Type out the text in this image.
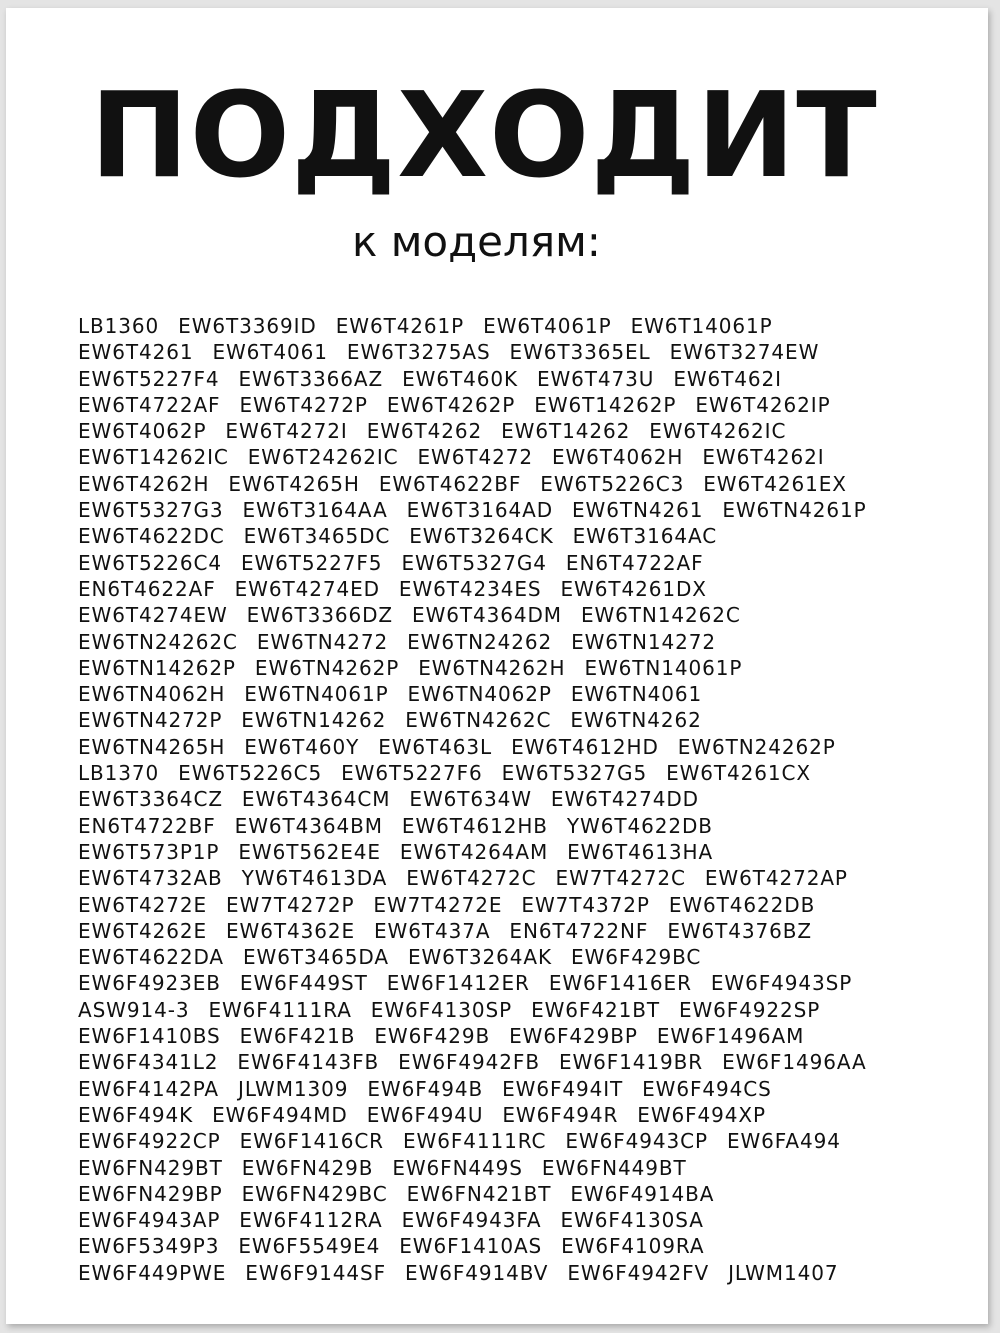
ПОДХОДИТ
к моделям:
LB1360 EW6T3369ID EW6T4261P EW6T4061P EW6T14061P
EW6T4261 EW6T4061 EW6T3275AS EW6T3365EL EW6T3274EW
EW6T5227F4 EW6T3366AZ EW6T460K EW6T473U EW6T462I
EW6T4722AF EW6T4272P EW6T4262P EW6T14262P EW6T4262IP
EW6T4062P EW6T4272I EW6T4262 EW6T14262 EW6T4262IC
EW6T14262IC EW6T24262IC EW6T4272 EW6T4062H EW6T4262I
EW6T4262H EW6T4265H EW6T4622BF EW6T5226C3 EW6T4261EX
EW6T5327G3 EW6T3164AA EW6T3164AD EW6TN4261 EW6TN4261P
EW6T4622DC EW6T3465DC EW6T3264CK EW6T3164AC
EW6T5226C4 EW6T5227F5 EW6T5327G4 EN6T4722AF
EN6T4622AF EW6T4274ED EW6T4234ES EW6T4261DX
EW6T4274EW EW6T3366DZ EW6T4364DM EW6TN14262C
EW6TN24262C EW6TN4272 EW6TN24262 EW6TN14272
EW6TN14262P EW6TN4262P EW6TN4262H EW6TN14061P
EW6TN4062H EW6TN4061P EW6TN4062P EW6TN4061
EW6TN4272P EW6TN14262 EW6TN4262C EW6TN4262
EW6TN4265H EW6T460Y EW6T463L EW6T4612HD EW6TN24262P
LB1370 EW6T5226C5 EW6T5227F6 EW6T5327G5 EW6T4261CX
EW6T3364CZ EW6T4364CM EW6T634W EW6T4274DD
EN6T4722BF EW6T4364BM EW6T4612HB YW6T4622DB
EW6T573P1P EW6T562E4E EW6T4264AM EW6T4613HA
EW6T4732AB YW6T4613DA EW6T4272C EW7T4272C EW6T4272AP
EW6T4272E EW7T4272P EW7T4272E EW7T4372P EW6T4622DB
EW6T4262E EW6T4362E EW6T437A EN6T4722NF EW6T4376BZ
EW6T4622DA EW6T3465DA EW6T3264AK EW6F429BC
EW6F4923EB EW6F449ST EW6F1412ER EW6F1416ER EW6F4943SP
ASW914-3 EW6F4111RA EW6F4130SP EW6F421BT EW6F4922SP
EW6F1410BS EW6F421B EW6F429B EW6F429BP EW6F1496AM
EW6F4341L2 EW6F4143FB EW6F4942FB EW6F1419BR EW6F1496AA
EW6F4142PA JLWM1309 EW6F494B EW6F494IT EW6F494CS
EW6F494K EW6F494MD EW6F494U EW6F494R EW6F494XP
EW6F4922CP EW6F1416CR EW6F4111RC EW6F4943CP EW6FA494
EW6FN429BT EW6FN429B EW6FN449S EW6FN449BT
EW6FN429BP EW6FN429BC EW6FN421BT EW6F4914BA
EW6F4943AP EW6F4112RA EW6F4943FA EW6F4130SA
EW6F5349P3 EW6F5549E4 EW6F1410AS EW6F4109RA
EW6F449PWE EW6F9144SF EW6F4914BV EW6F4942FV JLWM1407
